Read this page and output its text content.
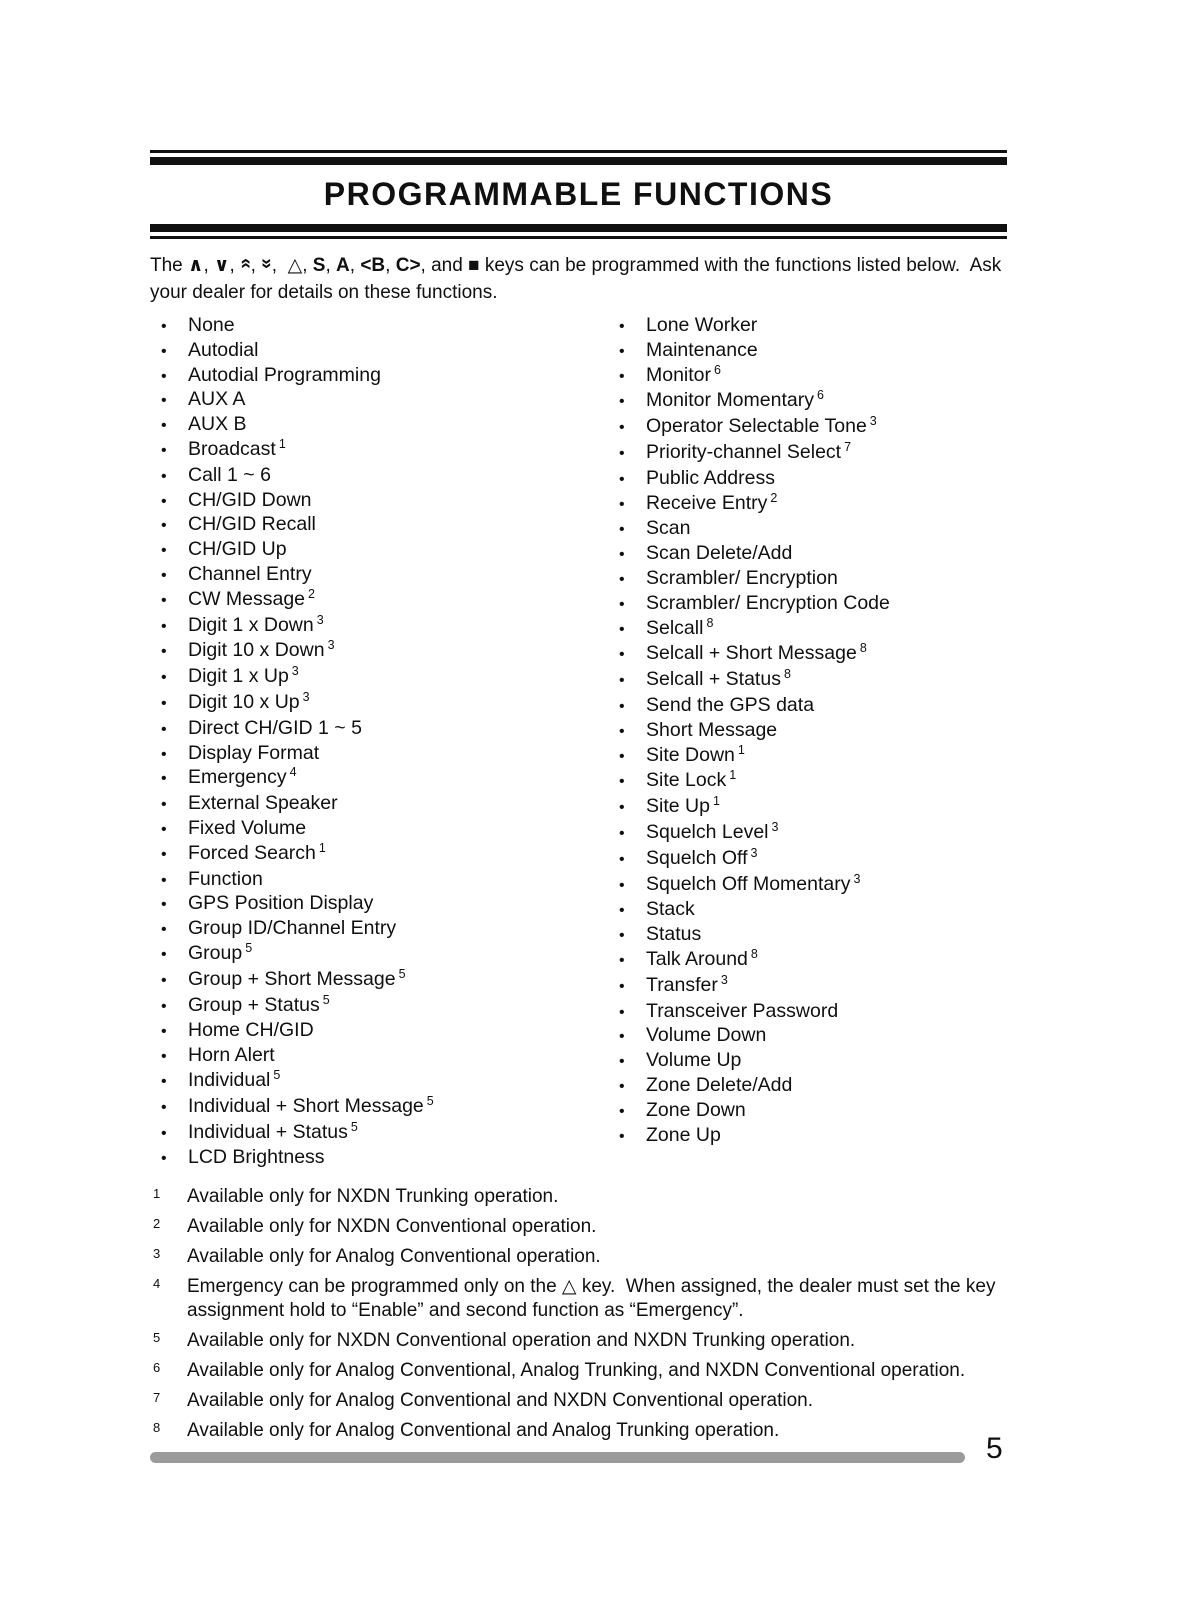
PROGRAMMABLE FUNCTIONS

The ∧, ∨, », »,  △, S, A, <B, C>, and ■ keys can be programmed with the functions listed below.  Ask your dealer for details on these functions.

• None
• Autodial
• Autodial Programming
• AUX A
• AUX B
• Broadcast $^1$
• Call 1 ~ 6
• CH/GID Down
• CH/GID Recall
• CH/GID Up
• Channel Entry
• CW Message $^2$
• Digit 1 x Down $^3$
• Digit 10 x Down $^3$
• Digit 1 x Up $^3$
• Digit 10 x Up $^3$
• Direct CH/GID 1 ~ 5
• Display Format
• Emergency $^4$
• External Speaker
• Fixed Volume
• Forced Search $^1$
• Function
• GPS Position Display
• Group ID/Channel Entry
• Group $^5$
• Group + Short Message $^5$
• Group + Status $^5$
• Home CH/GID
• Horn Alert
• Individual $^5$
• Individual + Short Message $^5$
• Individual + Status $^5$
• LCD Brightness
• Lone Worker
• Maintenance
• Monitor $^6$
• Monitor Momentary $^6$
• Operator Selectable Tone $^3$
• Priority-channel Select $^7$
• Public Address
• Receive Entry $^2$
• Scan
• Scan Delete/Add
• Scrambler/ Encryption
• Scrambler/ Encryption Code
• Selcall $^8$
• Selcall + Short Message $^8$
• Selcall + Status $^8$
• Send the GPS data
• Short Message
• Site Down $^1$
• Site Lock $^1$
• Site Up $^1$
• Squelch Level $^3$
• Squelch Off $^3$
• Squelch Off Momentary $^3$
• Stack
• Status
• Talk Around $^8$
• Transfer $^3$
• Transceiver Password
• Volume Down
• Volume Up
• Zone Delete/Add
• Zone Down
• Zone Up
1 Available only for NXDN Trunking operation.
2 Available only for NXDN Conventional operation.
3 Available only for Analog Conventional operation.
4 Emergency can be programmed only on the △ key.  When assigned, the dealer must set the key assignment hold to “Enable” and second function as “Emergency”.
5 Available only for NXDN Conventional operation and NXDN Trunking operation.
6 Available only for Analog Conventional, Analog Trunking, and NXDN Conventional operation.
7 Available only for Analog Conventional and NXDN Conventional operation.
8 Available only for Analog Conventional and Analog Trunking operation.
5
